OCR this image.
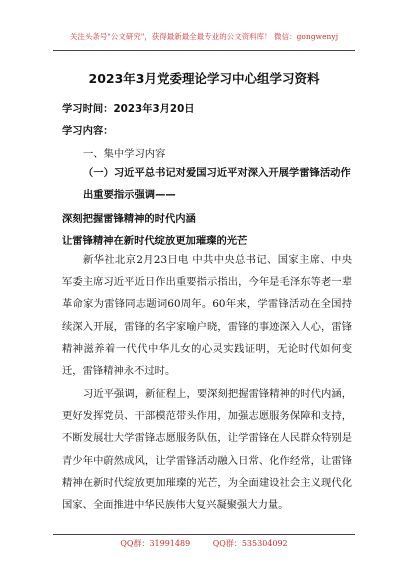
关注头条号"公文研究"，获得最新最全最专业的公文资料库！ 微信：gongwenyj
2023年3月党委理论学习中心组学习资料
学习时间：2023年3月20日
学习内容：
一、集中学习内容
（一）习近平总书记对爱国习近平对深入开展学雷锋活动作出重要指示强调——
深刻把握雷锋精神的时代内涵
让雷锋精神在新时代绽放更加璀璨的光芒

新华社北京2月23日电 中共中央总书记、国家主席、中央军委主席习近平近日作出重要指示指出，今年是毛泽东等老一辈革命家为雷锋同志题词60周年。60年来，学雷锋活动在全国持续深入开展，雷锋的名字家喻户晓，雷锋的事迹深入人心，雷锋精神滋养着一代代中华儿女的心灵实践证明，无论时代如何变迁，雷锋精神永不过时。

习近平强调，新征程上，要深刻把握雷锋精神的时代内涵，更好发挥党员、干部模范带头作用，加强志愿服务保障和支持，不断发展壮大学雷锋志愿服务队伍，让学雷锋在人民群众特别是青少年中蔚然成风，让学雷锋活动融入日常、化作经常，让雷锋精神在新时代绽放更加璀璨的光芒，为全面建设社会主义现代化国家、全面推进中华民族伟大复兴凝聚强大力量。

QQ群：31991489	QQ群：535304092
